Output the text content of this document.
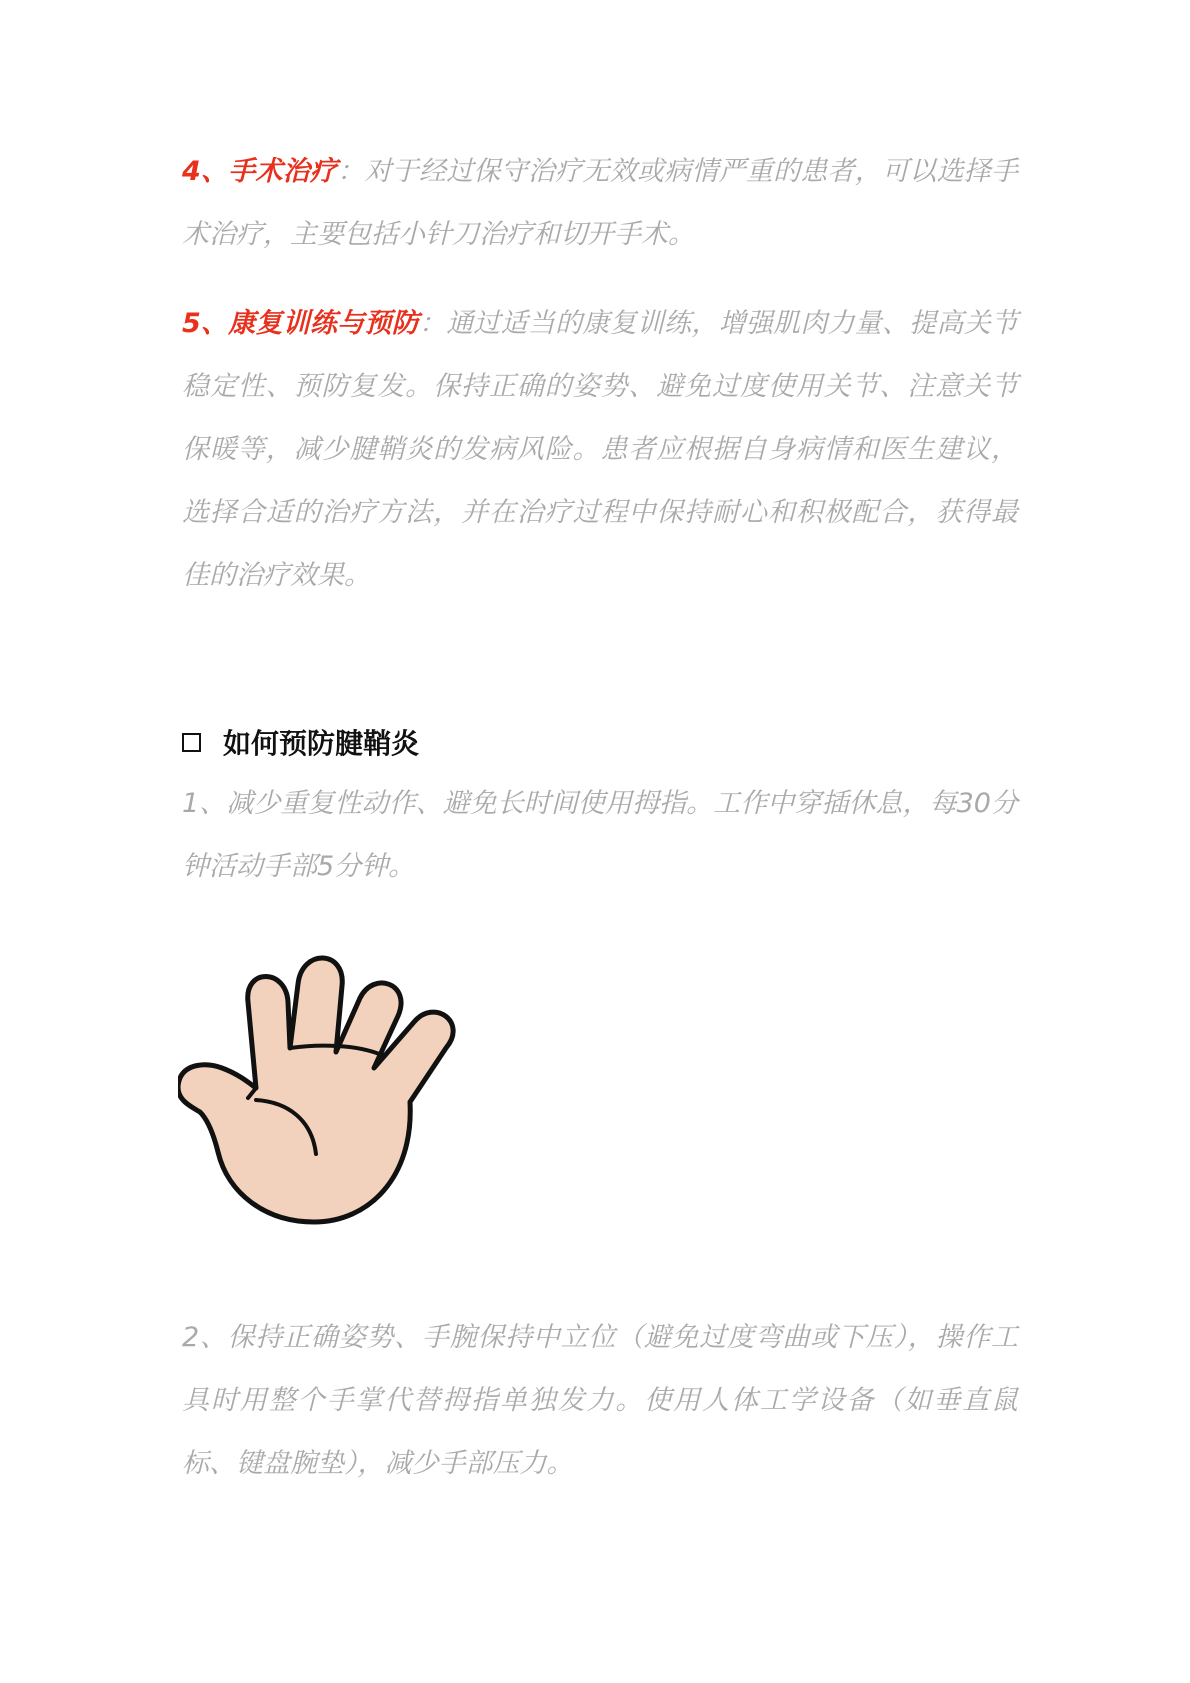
4、手术治疗：对于经过保守治疗无效或病情严重的患者，可以选择手术治疗，主要包括小针刀治疗和切开手术。

5、康复训练与预防：通过适当的康复训练，增强肌肉力量、提高关节稳定性、预防复发。保持正确的姿势、避免过度使用关节、注意关节保暖等，减少腱鞘炎的发病风险。患者应根据自身病情和医生建议，选择合适的治疗方法，并在治疗过程中保持耐心和积极配合，获得最佳的治疗效果。

如何预防腱鞘炎

1、减少重复性动作、避免长时间使用拇指。工作中穿插休息，每30分钟活动手部5分钟。

2、保持正确姿势、手腕保持中立位（避免过度弯曲或下压），操作工具时用整个手掌代替拇指单独发力。使用人体工学设备（如垂直鼠标、键盘腕垫），减少手部压力。
